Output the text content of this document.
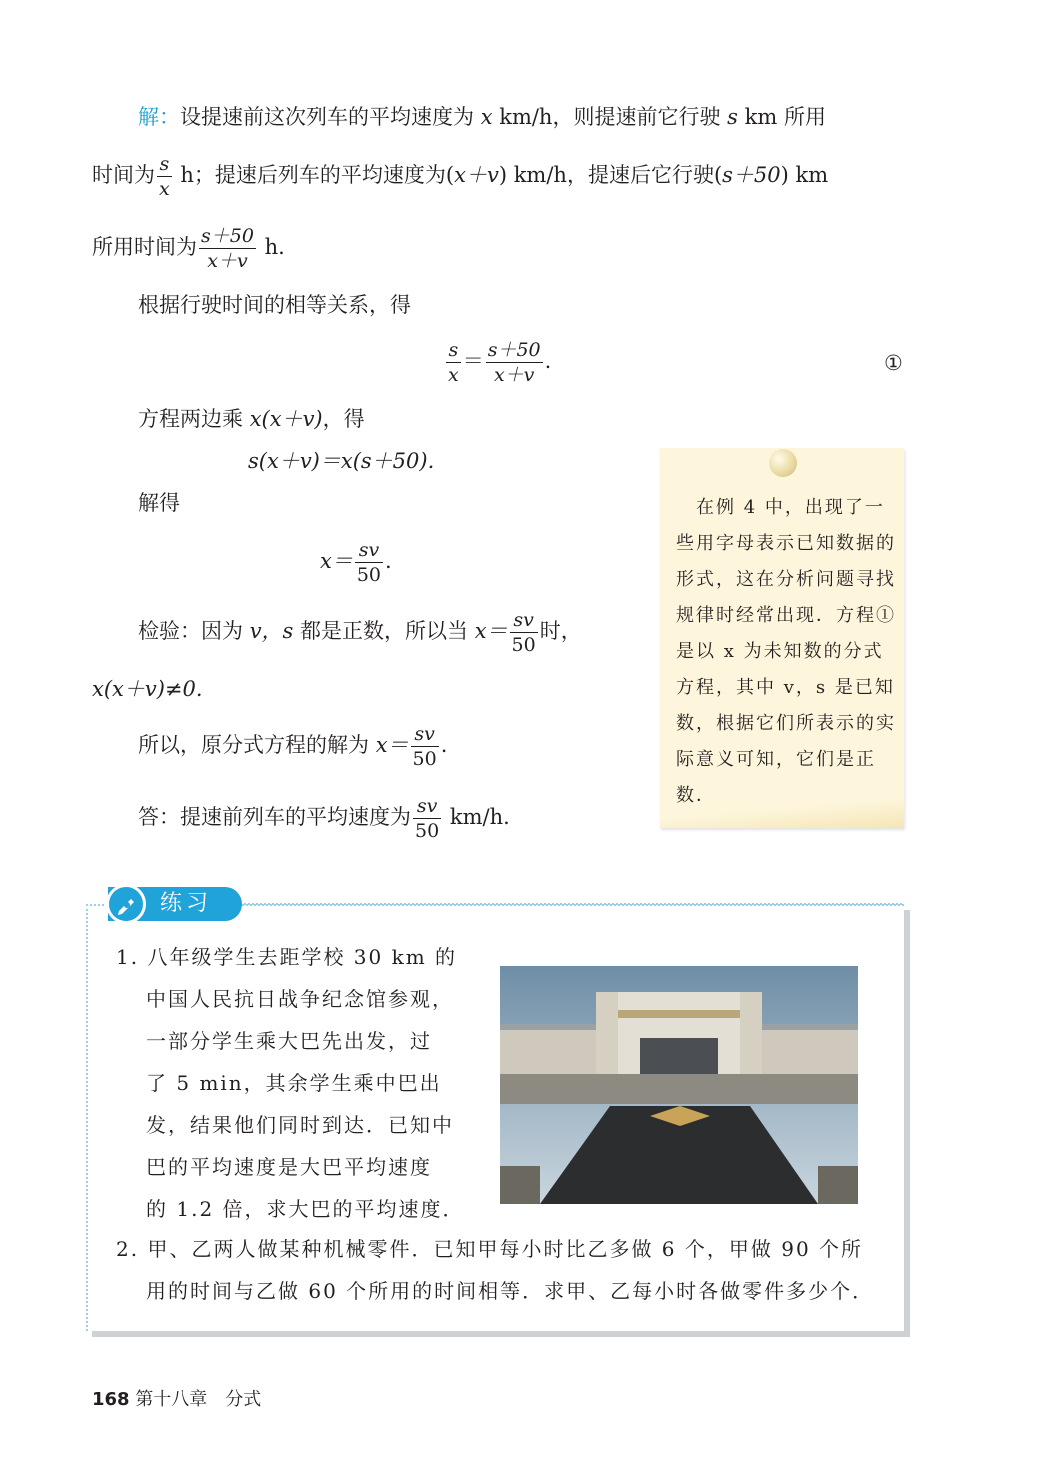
解：设提速前这次列车的平均速度为 x km/h，则提速前它行驶 s km 所用
时间为 $\frac{s}{x}$ h；提速后列车的平均速度为(x＋v) km/h，提速后它行驶(s＋50) km
所用时间为 $\frac{s+50}{x+v} h$.
根据行驶时间的相等关系，得
$\frac{s}{x} = \frac{s+50}{x+v}$ .	①
方程两边乘 x(x＋v)，得
s(x＋v)＝x(s＋50).
解得
$x= \frac{sv}{50}$ .
检验：因为 v，s 都是正数，所以当 $x= \frac{sv}{50}$ 时，
x(x＋v)≠0.
所以，原分式方程的解为 $x= \frac{sv}{50}$ .
答：提速前列车的平均速度为 $\frac{sv}{50} km/h$.
　在例 4 中，出现了一些用字母表示已知数据的形式，这在分析问题寻找规律时经常出现．方程①是以 x 为未知数的分式方程，其中 v，s 是已知数，根据它们所表示的实际意义可知，它们是正数．
练习
1. 八年级学生去距学校 30 km 的
中国人民抗日战争纪念馆参观，
一部分学生乘大巴先出发，过
了 5 min，其余学生乘中巴出
发，结果他们同时到达．已知中
巴的平均速度是大巴平均速度
的 1.2 倍，求大巴的平均速度．
2. 甲、乙两人做某种机械零件．已知甲每小时比乙多做 6 个，甲做 90 个所
用的时间与乙做 60 个所用的时间相等．求甲、乙每小时各做零件多少个．
168 第十八章　分式
